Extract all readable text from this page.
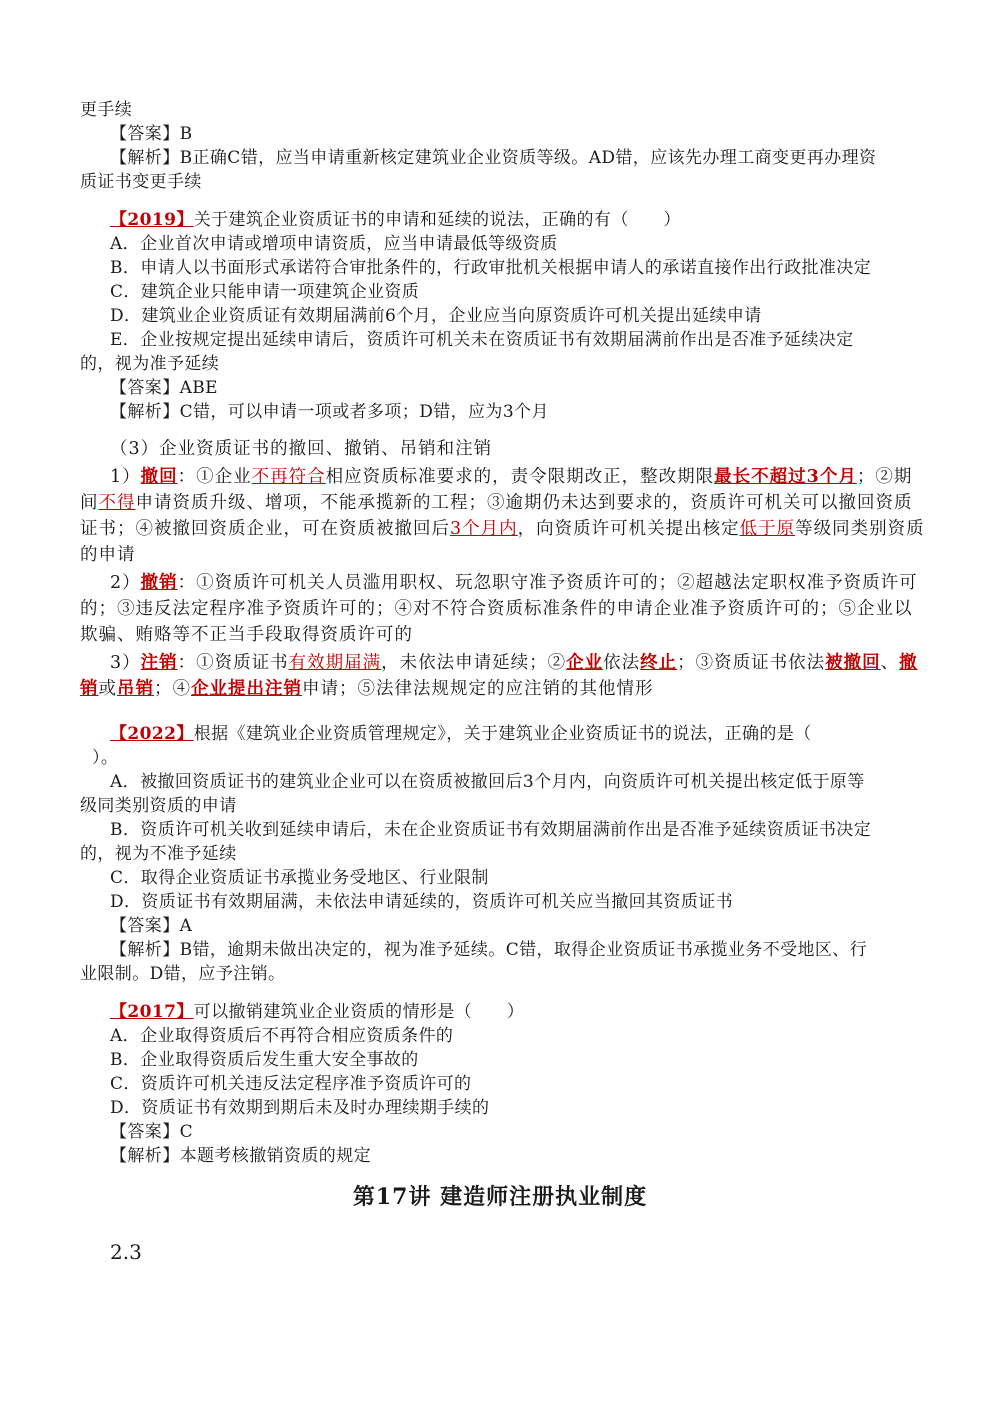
更手续
【答案】B
【解析】B正确C错，应当申请重新核定建筑业企业资质等级。AD错，应该先办理工商变更再办理资
质证书变更手续
【2019】关于建筑企业资质证书的申请和延续的说法，正确的有（　　）
A．企业首次申请或增项申请资质，应当申请最低等级资质
B．申请人以书面形式承诺符合审批条件的，行政审批机关根据申请人的承诺直接作出行政批准决定
C．建筑企业只能申请一项建筑企业资质
D．建筑业企业资质证有效期届满前6个月，企业应当向原资质许可机关提出延续申请
E．企业按规定提出延续申请后，资质许可机关未在资质证书有效期届满前作出是否准予延续决定
的，视为准予延续
【答案】ABE
【解析】C错，可以申请一项或者多项；D错，应为3个月
（3）企业资质证书的撤回、撤销、吊销和注销
1）撤回：①企业不再符合相应资质标准要求的，责令限期改正，整改期限最长不超过3个月；②期
间不得申请资质升级、增项，不能承揽新的工程；③逾期仍未达到要求的，资质许可机关可以撤回资质
证书；④被撤回资质企业，可在资质被撤回后3个月内，向资质许可机关提出核定低于原等级同类别资质
的申请
2）撤销：①资质许可机关人员滥用职权、玩忽职守准予资质许可的；②超越法定职权准予资质许可
的；③违反法定程序准予资质许可的；④对不符合资质标准条件的申请企业准予资质许可的；⑤企业以
欺骗、贿赂等不正当手段取得资质许可的
3）注销：①资质证书有效期届满，未依法申请延续；②企业依法终止；③资质证书依法被撤回、撤
销或吊销；④企业提出注销申请；⑤法律法规规定的应注销的其他情形
【2022】根据《建筑业企业资质管理规定》，关于建筑业企业资质证书的说法，正确的是（
）。
A．被撤回资质证书的建筑业企业可以在资质被撤回后3个月内，向资质许可机关提出核定低于原等
级同类别资质的申请
B．资质许可机关收到延续申请后，未在企业资质证书有效期届满前作出是否准予延续资质证书决定
的，视为不准予延续
C．取得企业资质证书承揽业务受地区、行业限制
D．资质证书有效期届满，未依法申请延续的，资质许可机关应当撤回其资质证书
【答案】A
【解析】B错，逾期未做出决定的，视为准予延续。C错，取得企业资质证书承揽业务不受地区、行
业限制。D错，应予注销。
【2017】可以撤销建筑业企业资质的情形是（　　）
A．企业取得资质后不再符合相应资质条件的
B．企业取得资质后发生重大安全事故的
C．资质许可机关违反法定程序准予资质许可的
D．资质证书有效期到期后未及时办理续期手续的
【答案】C
【解析】本题考核撤销资质的规定
第17讲 建造师注册执业制度
2.3
